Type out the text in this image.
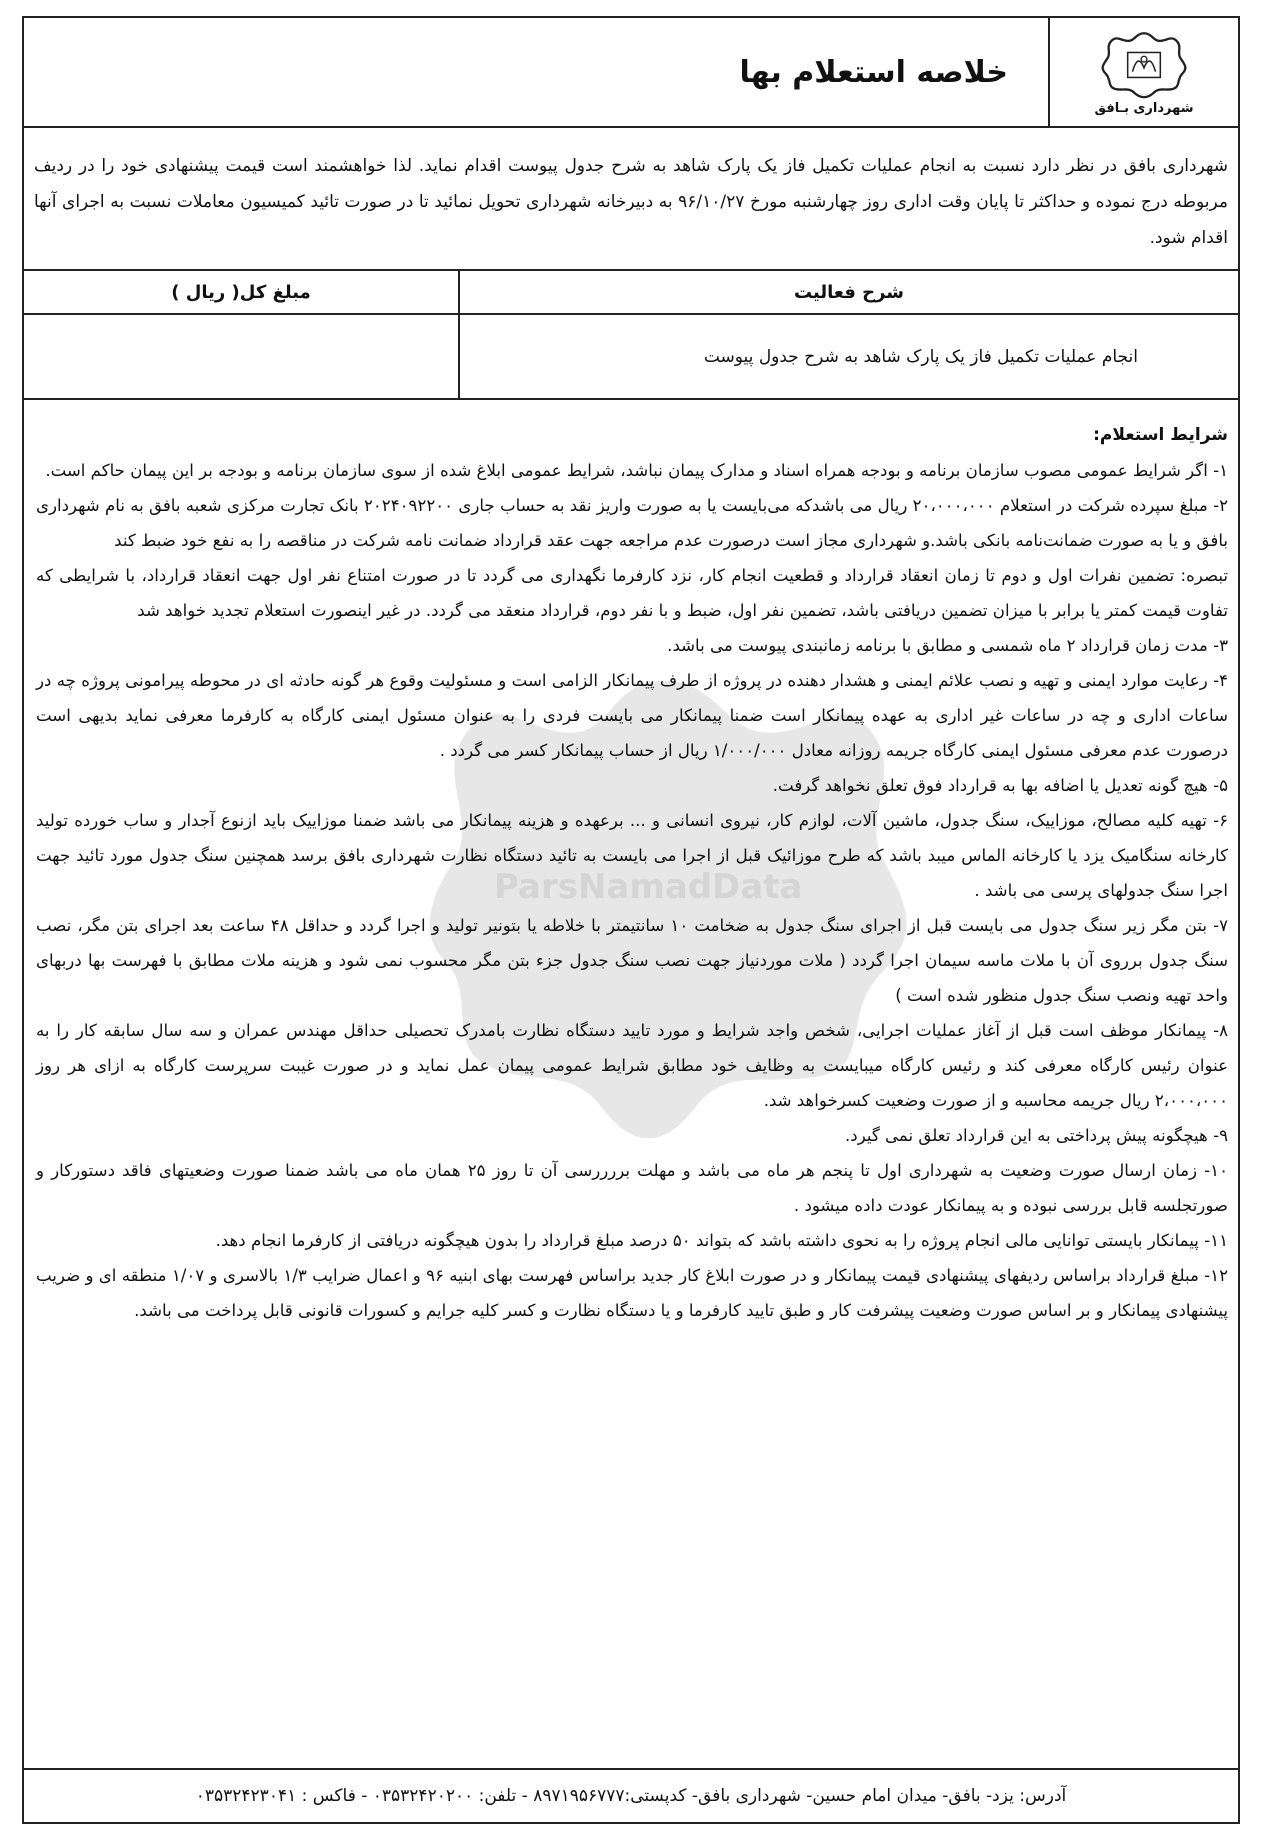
شهرداری بـافق
خلاصه استعلام بها
شهرداری بافق در نظر دارد نسبت به انجام عملیات تکمیل فاز یک پارک شاهد به شرح جدول پیوست اقدام نماید. لذا خواهشمند است قیمت پیشنهادی خود را در ردیف مربوطه درج نموده و حداکثر تا پایان وقت اداری روز چهارشنبه مورخ ۹۶/۱۰/۲۷ به دبیرخانه شهرداری تحویل نمائید تا در صورت تائید کمیسیون معاملات نسبت به اجرای آنها اقدام شود.
شرح فعالیت
مبلغ کل( ریال )
انجام عملیات تکمیل فاز یک پارک شاهد به شرح جدول پیوست
ParsNamadData

شرایط استعلام:

۱- اگر شرایط عمومی مصوب سازمان برنامه و بودجه همراه اسناد و مدارک پیمان نباشد، شرایط عمومی ابلاغ شده از سوی سازمان برنامه و بودجه بر این پیمان حاکم است.

۲- مبلغ سپرده شرکت در استعلام ۲۰،۰۰۰،۰۰۰ ریال می باشدکه می‌بایست یا به صورت واریز نقد به حساب جاری ۲۰۲۴۰۹۲۲۰۰ بانک تجارت مرکزی شعبه بافق به نام شهرداری بافق و یا به صورت ضمانت‌نامه بانکی باشد.و شهرداری مجاز است درصورت عدم مراجعه جهت عقد قرارداد ضمانت نامه شرکت در مناقصه را به نفع خود ضبط کند

تبصره: تضمین نفرات اول و دوم تا زمان انعقاد قرارداد و قطعیت انجام کار، نزد کارفرما نگهداری می گردد تا در صورت امتناع نفر اول جهت انعقاد قرارداد، با شرایطی که تفاوت قیمت کمتر یا برابر با میزان تضمین دریافتی باشد، تضمین نفر اول، ضبط و با نفر دوم، قرارداد منعقد می گردد. در غیر اینصورت استعلام تجدید خواهد شد

۳- مدت زمان قرارداد ۲ ماه شمسی و مطابق با برنامه زمانبندی پیوست می باشد.

۴- رعایت موارد ایمنی و تهیه و نصب علائم ایمنی و هشدار دهنده در پروژه از طرف پیمانکار الزامی است و مسئولیت وقوع هر گونه حادثه ای در محوطه پیرامونی پروژه چه در ساعات اداری و چه در ساعات غیر اداری به عهده پیمانکار است ضمنا پیمانکار می بایست فردی را به عنوان مسئول ایمنی کارگاه به کارفرما معرفی نماید بدیهی است درصورت عدم معرفی مسئول ایمنی کارگاه جریمه روزانه معادل ۱/۰۰۰/۰۰۰ ریال از حساب پیمانکار کسر می گردد .

۵- هیچ گونه تعدیل یا اضافه بها به قرارداد فوق تعلق نخواهد گرفت.

۶- تهیه کلیه مصالح، موزاییک، سنگ جدول، ماشین آلات، لوازم کار، نیروی انسانی و ... برعهده و هزینه پیمانکار می باشد ضمنا موزاییک باید ازنوع آجدار و ساب خورده تولید کارخانه سنگامیک یزد یا کارخانه الماس میبد باشد که طرح موزائیک قبل از اجرا می بایست به تائید دستگاه نظارت شهرداری بافق برسد همچنین سنگ جدول مورد تائید جهت اجرا سنگ جدولهای پرسی می باشد .

۷- بتن مگر زیر سنگ جدول می بایست قبل از اجرای سنگ جدول به ضخامت ۱۰ سانتیمتر با خلاطه یا بتونیر تولید و اجرا گردد و حداقل ۴۸ ساعت بعد اجرای بتن مگر، نصب سنگ جدول برروی آن با ملات ماسه سیمان اجرا گردد ( ملات موردنیاز جهت نصب سنگ جدول جزء بتن مگر محسوب نمی شود و هزینه ملات مطابق با فهرست بها دربهای واحد تهیه ونصب سنگ جدول منظور شده است )

۸- پیمانکار موظف است قبل از آغاز عملیات اجرایی، شخص واجد شرایط و مورد تایید دستگاه نظارت بامدرک تحصیلی حداقل مهندس عمران و سه سال سابقه کار را به عنوان رئیس کارگاه معرفی کند و رئیس کارگاه میبایست به وظایف خود مطابق شرایط عمومی پیمان عمل نماید و در صورت غیبت سرپرست کارگاه به ازای هر روز ۲،۰۰۰،۰۰۰ ریال جریمه محاسبه و از صورت وضعیت کسرخواهد شد.

۹- هیچگونه پیش پرداختی به این قرارداد تعلق نمی گیرد.

۱۰- زمان ارسال صورت وضعیت به شهرداری اول تا پنجم هر ماه می باشد و مهلت بررررسی آن تا روز ۲۵ همان ماه می باشد ضمنا صورت وضعیتهای فاقد دستورکار و صورتجلسه قابل بررسی نبوده و به پیمانکار عودت داده میشود .

۱۱- پیمانکار بایستی توانایی مالی انجام پروژه را به نحوی داشته باشد که بتواند ۵۰ درصد مبلغ قرارداد را بدون هیچگونه دریافتی از کارفرما انجام دهد.

۱۲- مبلغ قرارداد براساس ردیفهای پیشنهادی قیمت پیمانکار و در صورت ابلاغ کار جدید براساس فهرست بهای ابنیه ۹۶ و اعمال ضرایب ۱/۳ بالاسری و ۱/۰۷ منطقه ای و ضریب پیشنهادی پیمانکار و بر اساس صورت وضعیت پیشرفت کار و طبق تایید کارفرما و یا دستگاه نظارت و کسر کلیه جرایم و کسورات قانونی قابل پرداخت می باشد.

آدرس: یزد- بافق- میدان امام حسین- شهرداری بافق- کدپستی:۸۹۷۱۹۵۶۷۷۷ - تلفن: ۰۳۵۳۲۴۲۰۲۰۰ - فاکس : ۰۳۵۳۲۴۲۳۰۴۱
